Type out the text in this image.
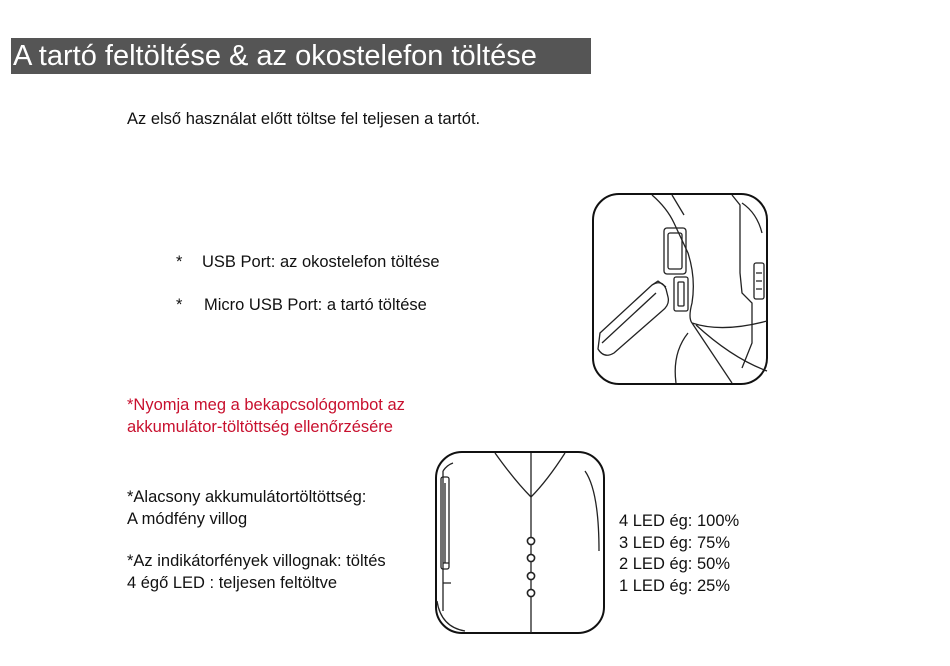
A tartó feltöltése & az okostelefon töltése
Az első használat előtt töltse fel teljesen a tartót.
* USB Port: az okostelefon töltése
* Micro USB Port: a tartó töltése
*Nyomja meg a bekapcsológombot az
akkumulátor-töltöttség ellenőrzésére
*Alacsony akkumulátortöltöttség:
A módfény villog
*Az indikátorfények villognak: töltés
4 égő LED : teljesen feltöltve
4 LED ég: 100%
3 LED ég: 75%
2 LED ég: 50%
1 LED ég: 25%
